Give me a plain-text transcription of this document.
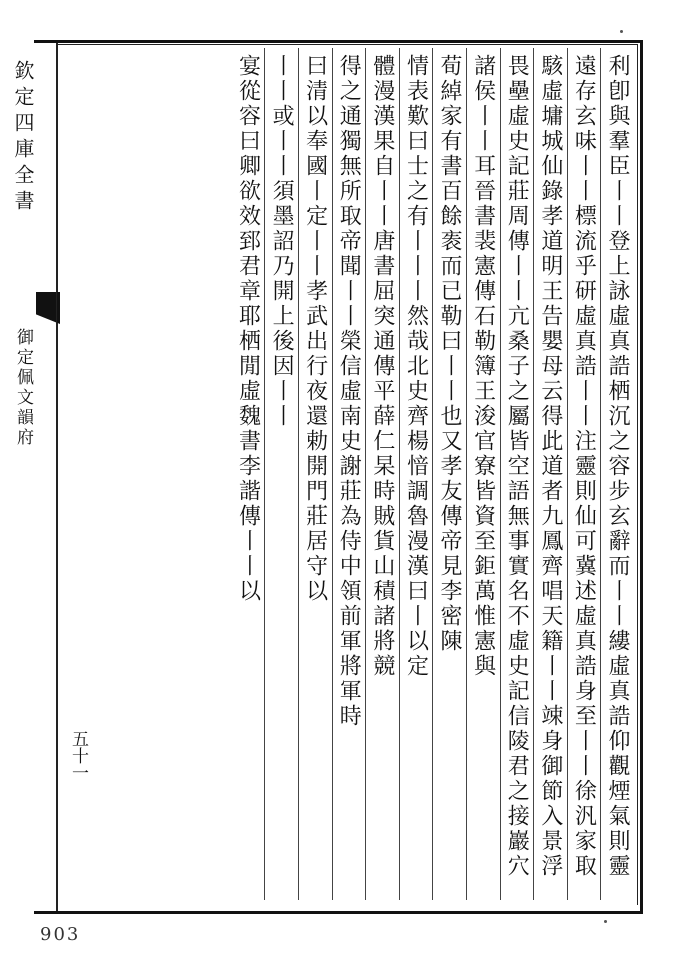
欽定四庫全書
御定佩文韻府
利卽與羣臣丨丨登上詠虛真誥栖沉之容步玄辭而丨丨縷虛真誥仰觀煙氣則靈
遠存玄味丨丨標流乎研虛真誥丨丨注靈則仙可冀述虛真誥身至丨丨徐汎家取
駭虛墉城仙錄孝道明王告嬰母云得此道者九鳳齊唱天籍丨丨竦身御節入景浮
畏壘虛史記莊周傳丨丨亢桑子之屬皆空語無事實名不虛史記信陵君之接巖穴
諸侯丨丨耳晉書裴憲傳石勒簿王浚官寮皆資至鉅萬惟憲與
荀綽家有書百餘袠而已勒曰丨丨也又孝友傳帝見李密陳
情表歎曰士之有丨丨丨然哉北史齊楊愔調魯漫漢曰丨以定
體漫漢果自丨丨唐書屈突通傳平薛仁杲時賊貨山積諸將競
得之通獨無所取帝聞丨丨榮信虛南史謝莊為侍中領前軍將軍時
曰清以奉國丨定丨丨孝武出行夜還勅開門莊居守以
丨丨或丨丨須墨詔乃開上後因丨丨
宴從容曰卿欲效郅君章耶栖閒虛魏書李諧傳丨丨以
五十一
903
